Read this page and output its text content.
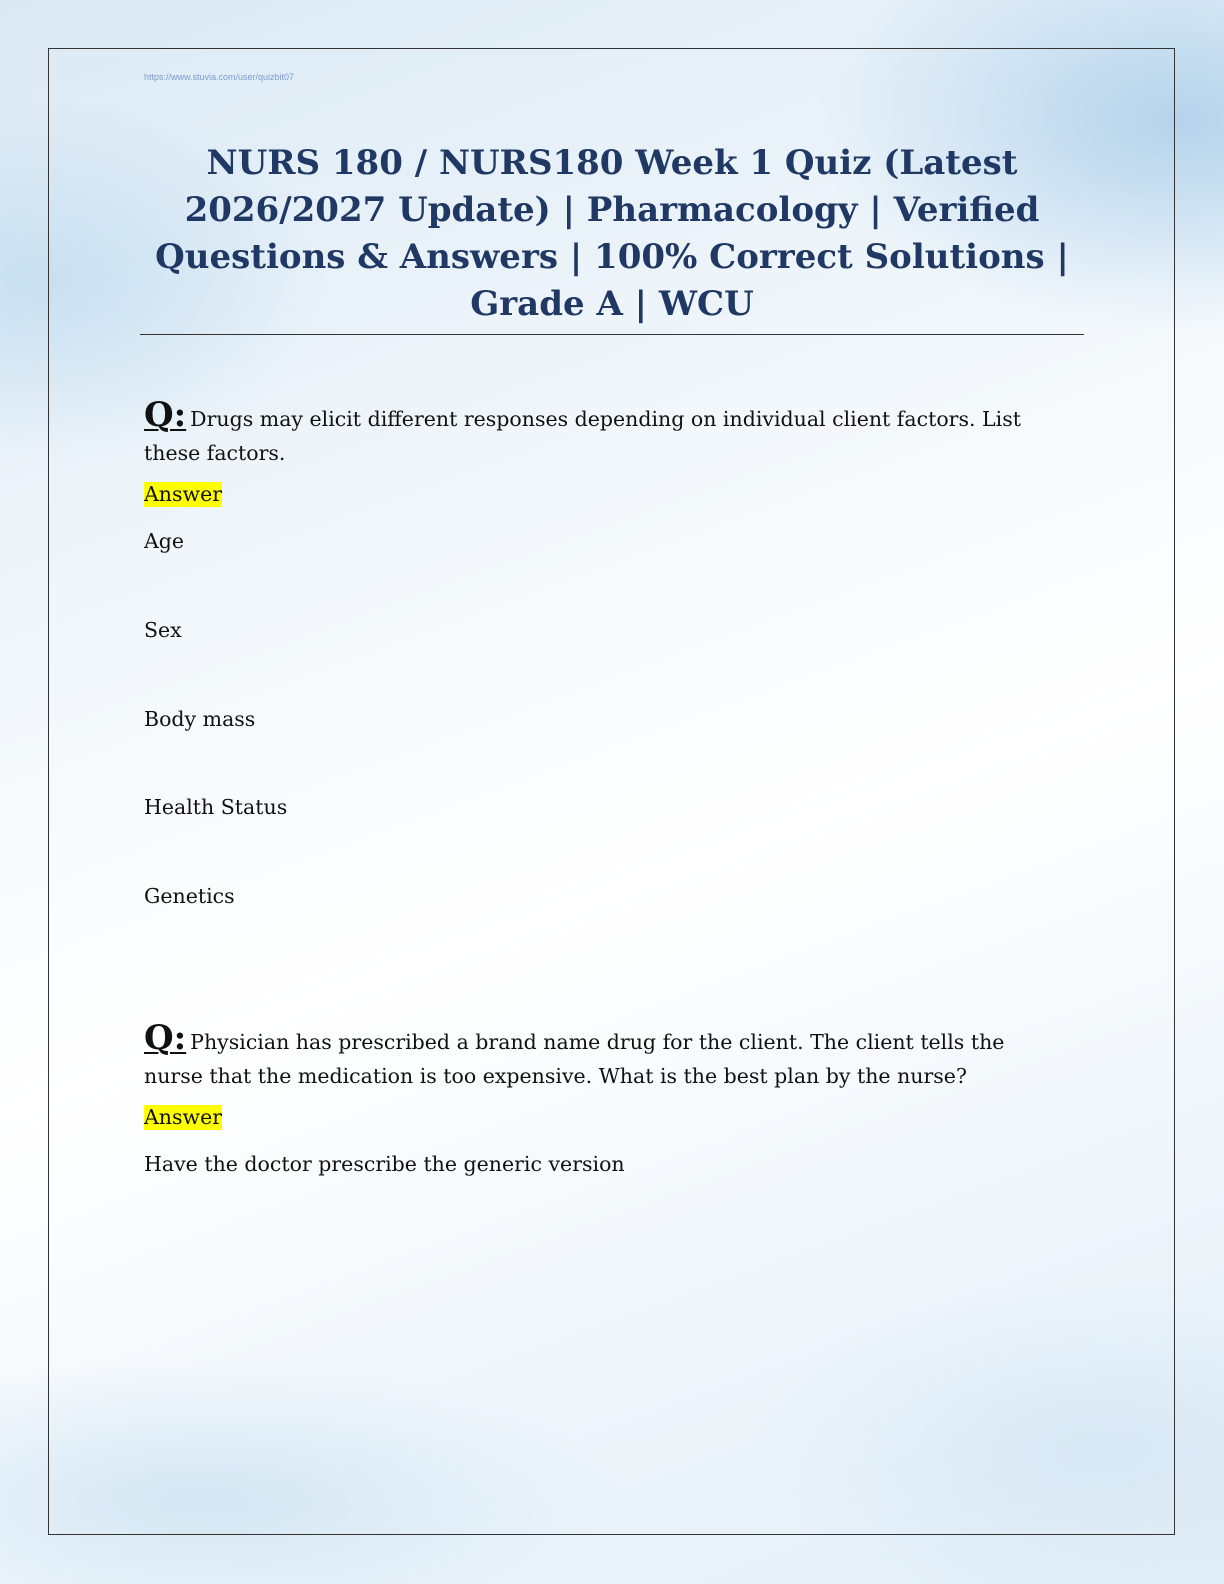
https://www.stuvia.com/user/quizbit07
NURS 180 / NURS180 Week 1 Quiz (Latest 2026/2027 Update) | Pharmacology | Verified Questions & Answers | 100% Correct Solutions | Grade A | WCU

Q: Drugs may elicit different responses depending on individual client factors. List these factors.

Answer

Age

Sex

Body mass

Health Status

Genetics

Q: Physician has prescribed a brand name drug for the client. The client tells the nurse that the medication is too expensive. What is the best plan by the nurse?

Answer

Have the doctor prescribe the generic version
